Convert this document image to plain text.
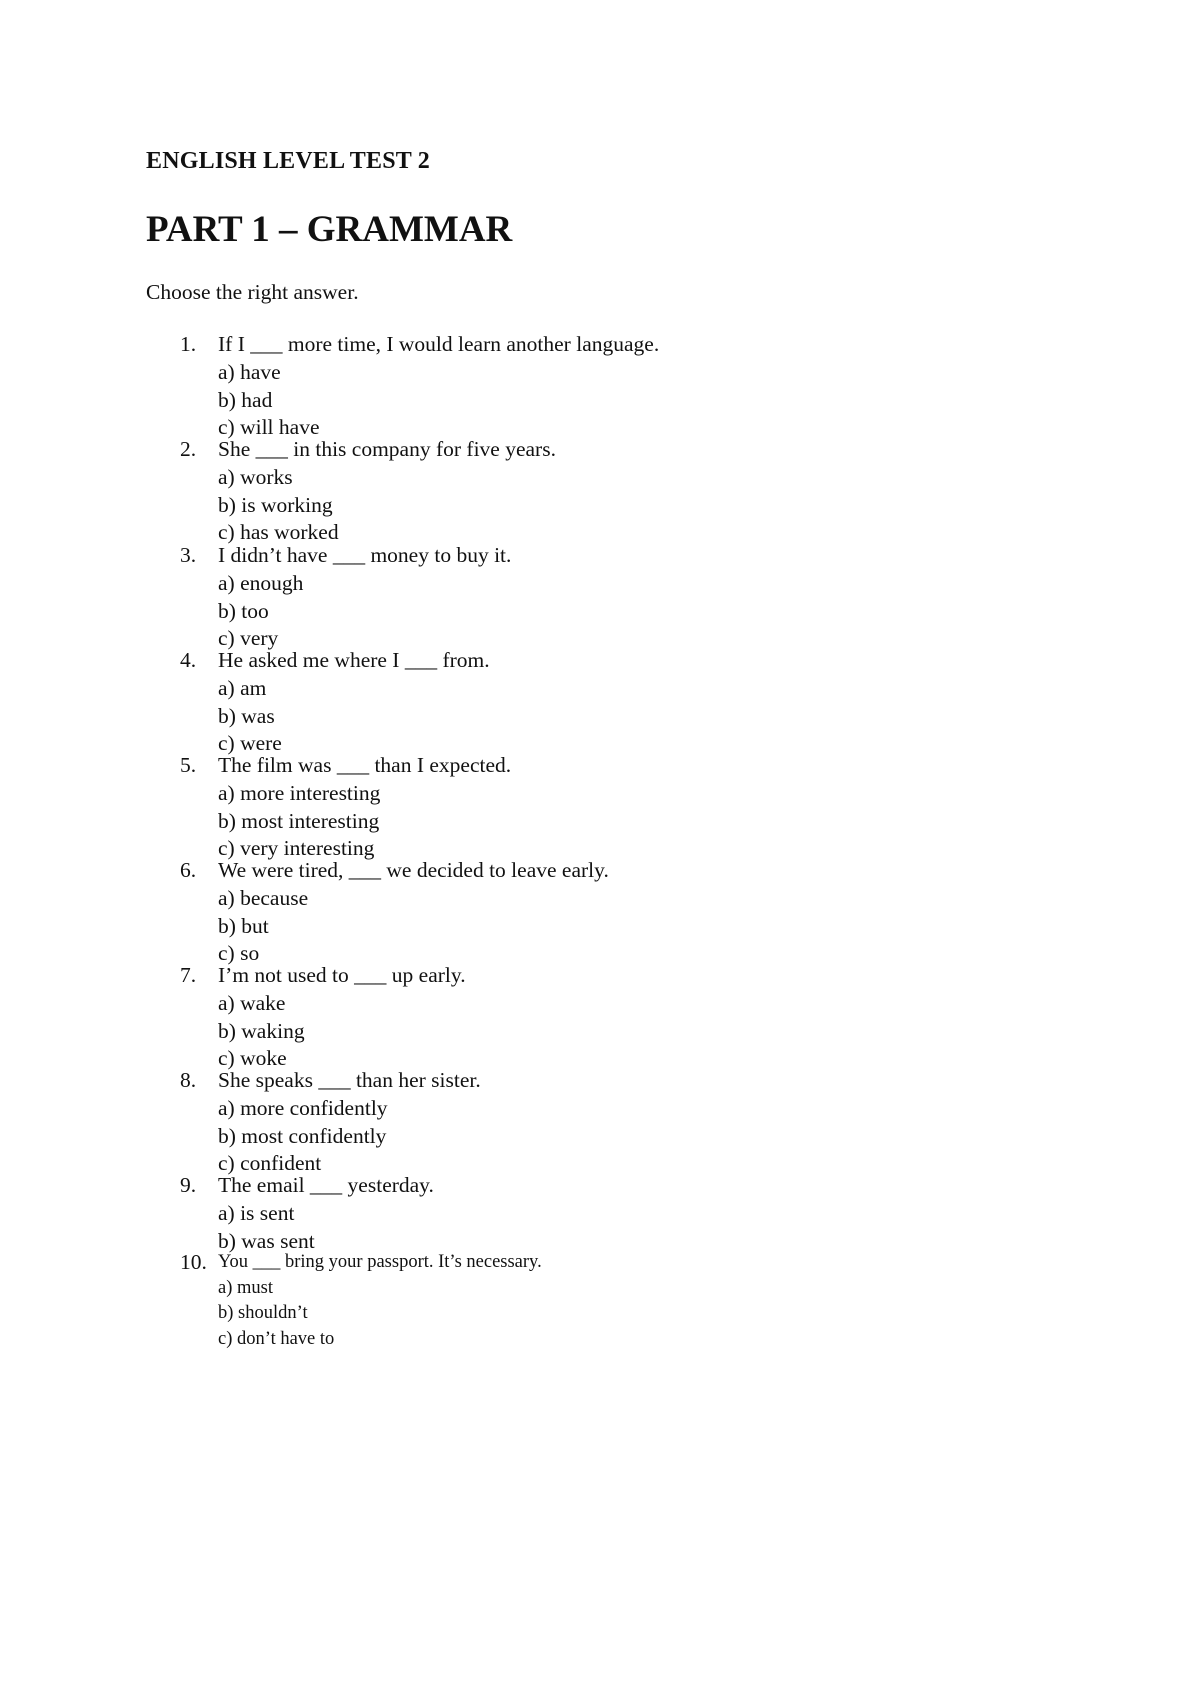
ENGLISH LEVEL TEST 2
PART 1 – GRAMMAR

Choose the right answer.

1. If I ___ more time, I would learn another language.
a) have
b) had
c) will have
2. She ___ in this company for five years.
a) works
b) is working
c) has worked
3. I didn’t have ___ money to buy it.
a) enough
b) too
c) very
4. He asked me where I ___ from.
a) am
b) was
c) were
5. The film was ___ than I expected.
a) more interesting
b) most interesting
c) very interesting
6. We were tired, ___ we decided to leave early.
a) because
b) but
c) so
7. I’m not used to ___ up early.
a) wake
b) waking
c) woke
8. She speaks ___ than her sister.
a) more confidently
b) most confidently
c) confident
9. The email ___ yesterday.
a) is sent
b) was sent
10. You ___ bring your passport. It’s necessary.
a) must
b) shouldn’t
c) don’t have to
